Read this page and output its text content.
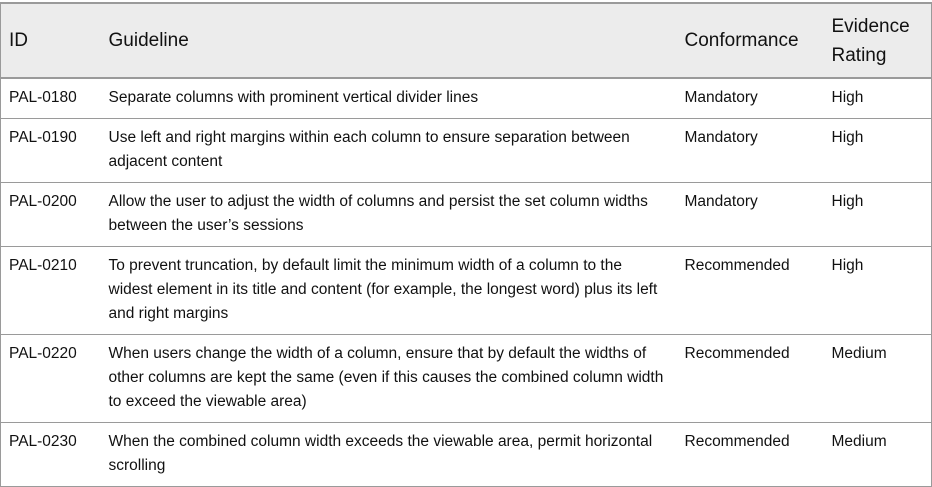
ID	Guideline	Conformance	Evidence Rating
PAL-0180	Separate columns with prominent vertical divider lines	Mandatory	High
PAL-0190	Use left and right margins within each column to ensure separation between adjacent content	Mandatory	High
PAL-0200	Allow the user to adjust the width of columns and persist the set column widths between the user’s sessions	Mandatory	High
PAL-0210	To prevent truncation, by default limit the minimum width of a column to the widest element in its title and content (for example, the longest word) plus its left and right margins	Recommended	High
PAL-0220	When users change the width of a column, ensure that by default the widths of other columns are kept the same (even if this causes the combined column width to exceed the viewable area)	Recommended	Medium
PAL-0230	When the combined column width exceeds the viewable area, permit horizontal scrolling	Recommended	Medium
